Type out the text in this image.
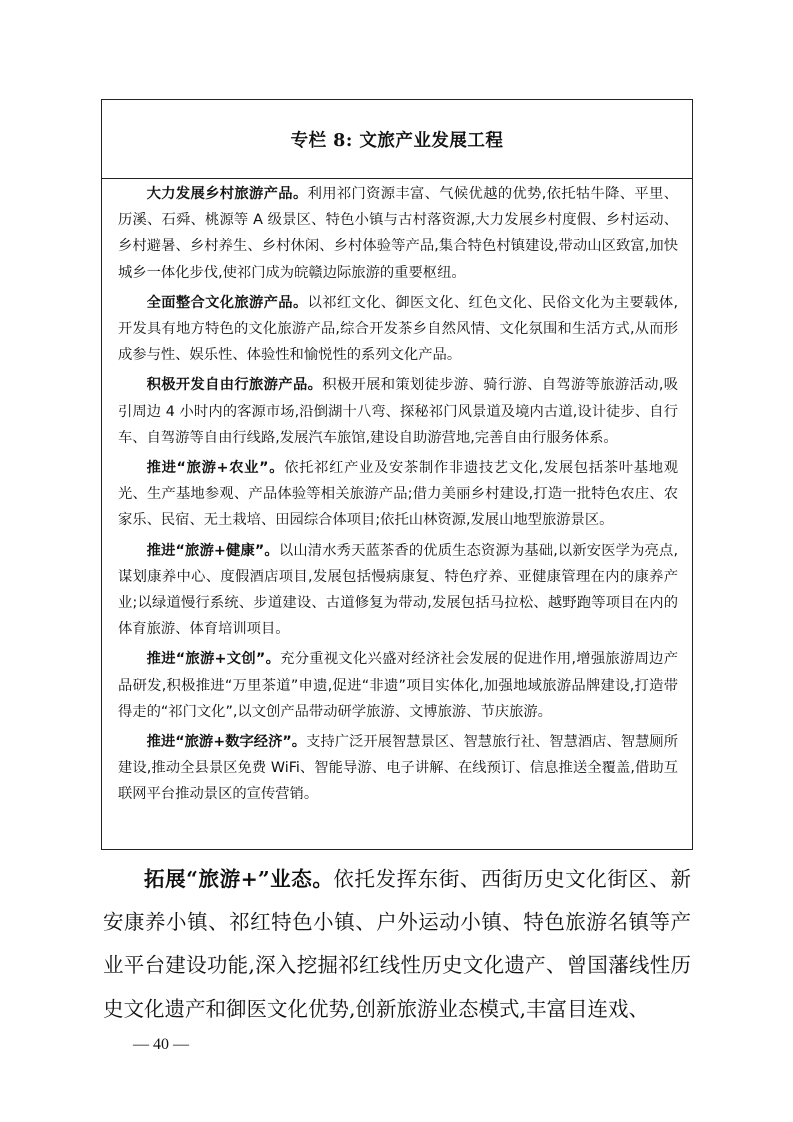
专栏 8: 文旅产业发展工程

大力发展乡村旅游产品。利用祁门资源丰富、气候优越的优势,依托牯牛降、平里、历溪、石舜、桃源等 A 级景区、特色小镇与古村落资源,大力发展乡村度假、乡村运动、乡村避暑、乡村养生、乡村休闲、乡村体验等产品,集合特色村镇建设,带动山区致富,加快城乡一体化步伐,使祁门成为皖赣边际旅游的重要枢纽。

全面整合文化旅游产品。以祁红文化、御医文化、红色文化、民俗文化为主要载体,开发具有地方特色的文化旅游产品,综合开发茶乡自然风情、文化氛围和生活方式,从而形成参与性、娱乐性、体验性和愉悦性的系列文化产品。

积极开发自由行旅游产品。积极开展和策划徒步游、骑行游、自驾游等旅游活动,吸引周边 4 小时内的客源市场,沿倒湖十八弯、探秘祁门风景道及境内古道,设计徒步、自行车、自驾游等自由行线路,发展汽车旅馆,建设自助游营地,完善自由行服务体系。

推进“旅游+农业”。依托祁红产业及安茶制作非遗技艺文化,发展包括茶叶基地观光、生产基地参观、产品体验等相关旅游产品;借力美丽乡村建设,打造一批特色农庄、农家乐、民宿、无土栽培、田园综合体项目;依托山林资源,发展山地型旅游景区。

推进“旅游+健康”。以山清水秀天蓝茶香的优质生态资源为基础,以新安医学为亮点,谋划康养中心、度假酒店项目,发展包括慢病康复、特色疗养、亚健康管理在内的康养产业;以绿道慢行系统、步道建设、古道修复为带动,发展包括马拉松、越野跑等项目在内的体育旅游、体育培训项目。

推进“旅游+文创”。充分重视文化兴盛对经济社会发展的促进作用,增强旅游周边产品研发,积极推进“万里茶道”申遗,促进“非遗”项目实体化,加强地域旅游品牌建设,打造带得走的“祁门文化”,以文创产品带动研学旅游、文博旅游、节庆旅游。

推进“旅游+数字经济”。支持广泛开展智慧景区、智慧旅行社、智慧酒店、智慧厕所建设,推动全县景区免费 WiFi、智能导游、电子讲解、在线预订、信息推送全覆盖,借助互联网平台推动景区的宣传营销。

拓展“旅游+”业态。依托发挥东街、西街历史文化街区、新安康养小镇、祁红特色小镇、户外运动小镇、特色旅游名镇等产业平台建设功能,深入挖掘祁红线性历史文化遗产、曾国藩线性历史文化遗产和御医文化优势,创新旅游业态模式,丰富目连戏、

— 40 —
